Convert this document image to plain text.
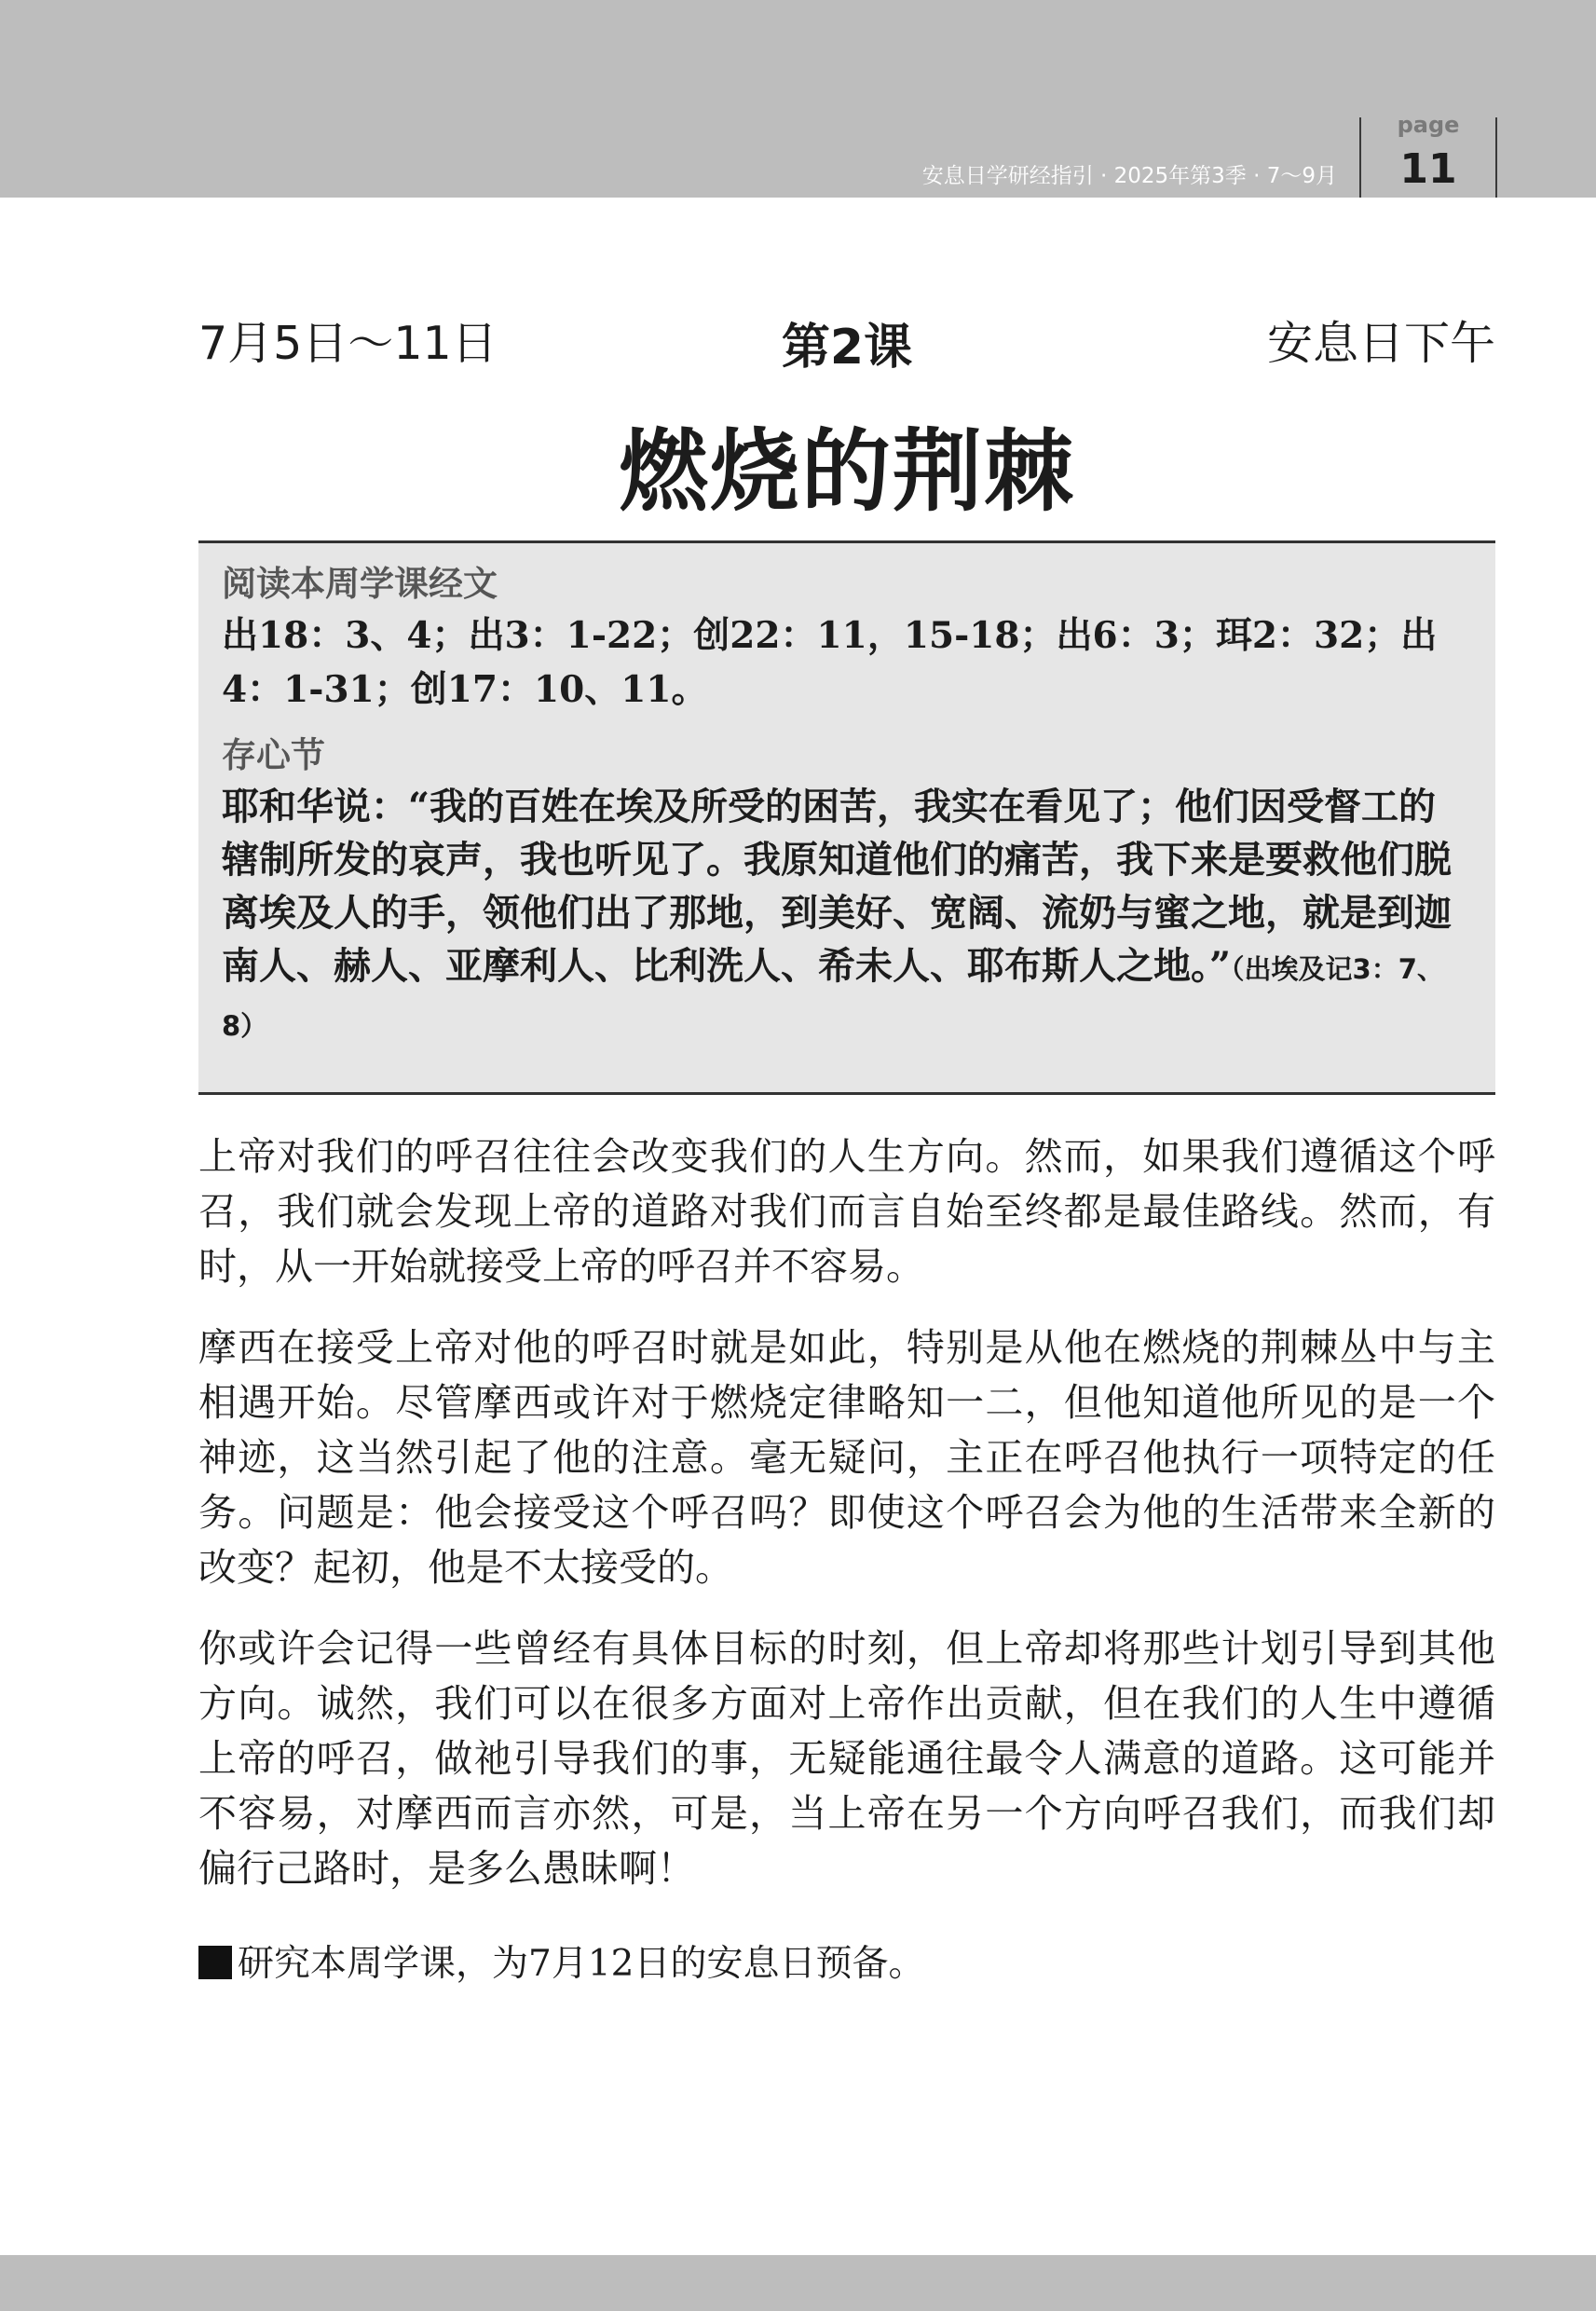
安息日学研经指引 · 2025年第3季 · 7～9月
page
11
7月5日～11日	第2课	安息日下午
燃烧的荆棘
阅读本周学课经文
出18：3、4；出3：1-22；创22：11，15-18；出6：3；珥2：32；出4：1-31；创17：10、11。
存心节
耶和华说：“我的百姓在埃及所受的困苦，我实在看见了；他们因受督工的辖制所发的哀声，我也听见了。我原知道他们的痛苦，我下来是要救他们脱离埃及人的手，领他们出了那地，到美好、宽阔、流奶与蜜之地，就是到迦南人、赫人、亚摩利人、比利洗人、希未人、耶布斯人之地。”（出埃及记3：7、8）

上帝对我们的呼召往往会改变我们的人生方向。然而，如果我们遵循这个呼召，我们就会发现上帝的道路对我们而言自始至终都是最佳路线。然而，有时，从一开始就接受上帝的呼召并不容易。

摩西在接受上帝对他的呼召时就是如此，特别是从他在燃烧的荆棘丛中与主相遇开始。尽管摩西或许对于燃烧定律略知一二，但他知道他所见的是一个神迹，这当然引起了他的注意。毫无疑问，主正在呼召他执行一项特定的任务。问题是：他会接受这个呼召吗？即使这个呼召会为他的生活带来全新的改变？起初，他是不太接受的。

你或许会记得一些曾经有具体目标的时刻，但上帝却将那些计划引导到其他方向。诚然，我们可以在很多方面对上帝作出贡献，但在我们的人生中遵循上帝的呼召，做祂引导我们的事，无疑能通往最令人满意的道路。这可能并不容易，对摩西而言亦然，可是，当上帝在另一个方向呼召我们，而我们却偏行己路时，是多么愚昧啊！

研究本周学课，为7月12日的安息日预备。
